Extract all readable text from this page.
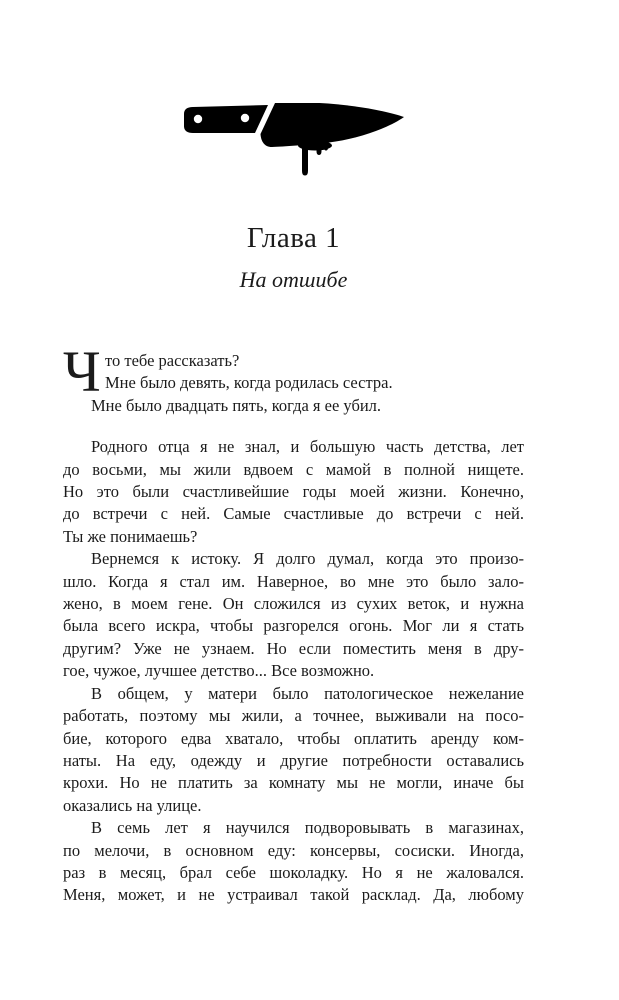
Глава 1
На отшибе
Ч то тебе рассказать?
Мне было девять, когда родилась сестра.
Мне было двадцать пять, когда я ее убил.
Родного отца я не знал, и большую часть детства, лет
до восьми, мы жили вдвоем с мамой в полной нищете.
Но это были счастливейшие годы моей жизни. Конечно,
до встречи с ней. Самые счастливые до встречи с ней.
Ты же понимаешь?
Вернемся к истоку. Я долго думал, когда это произо-
шло. Когда я стал им. Наверное, во мне это было зало-
жено, в моем гене. Он сложился из сухих веток, и нужна
была всего искра, чтобы разгорелся огонь. Мог ли я стать
другим? Уже не узнаем. Но если поместить меня в дру-
гое, чужое, лучшее детство... Все возможно.
В общем, у матери было патологическое нежелание
работать, поэтому мы жили, а точнее, выживали на посо-
бие, которого едва хватало, чтобы оплатить аренду ком-
наты. На еду, одежду и другие потребности оставались
крохи. Но не платить за комнату мы не могли, иначе бы
оказались на улице.
В семь лет я научился подворовывать в магазинах,
по мелочи, в основном еду: консервы, сосиски. Иногда,
раз в месяц, брал себе шоколадку. Но я не жаловался.
Меня, может, и не устраивал такой расклад. Да, любому
